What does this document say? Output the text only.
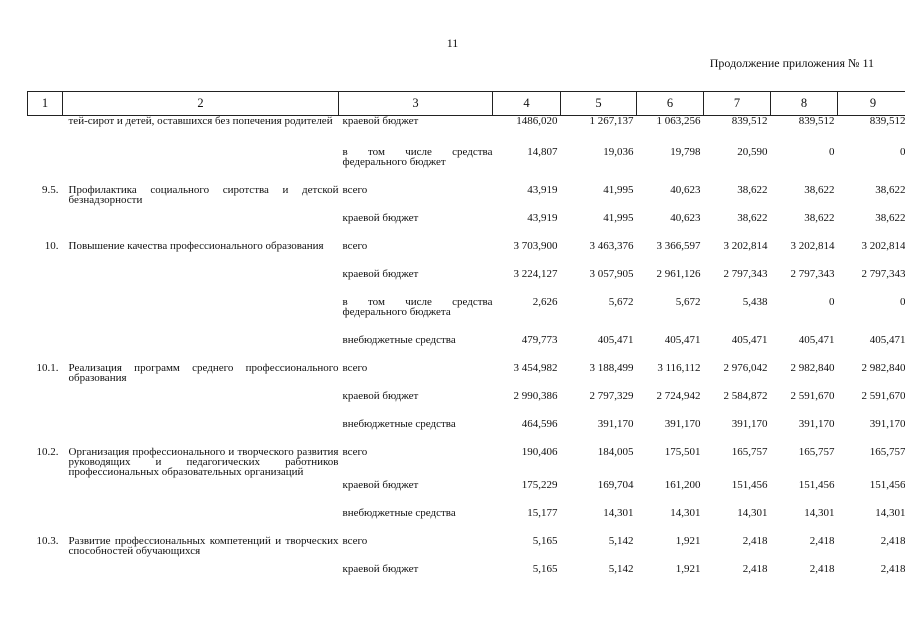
11
Продолжение приложения № 11
1	2	3	4	5	6	7	8	9
	тей-сирот и детей, оставшихся без попечения родителей	краевой бюджет	1486,020	1 267,137	1 063,256	839,512	839,512	839,512
		в том числе средства федерального бюджет	14,807	19,036	19,798	20,590	0	0
9.5.	Профилактика социального сиротства и детской безнадзорности	всего	43,919	41,995	40,623	38,622	38,622	38,622
		краевой бюджет	43,919	41,995	40,623	38,622	38,622	38,622
10.	Повышение качества профессионального образования	всего	3 703,900	3 463,376	3 366,597	3 202,814	3 202,814	3 202,814
		краевой бюджет	3 224,127	3 057,905	2 961,126	2 797,343	2 797,343	2 797,343
		в том числе средства федерального бюджета	2,626	5,672	5,672	5,438	0	0
		внебюджетные средства	479,773	405,471	405,471	405,471	405,471	405,471
10.1.	Реализация программ среднего профессионального образования	всего	3 454,982	3 188,499	3 116,112	2 976,042	2 982,840	2 982,840
		краевой бюджет	2 990,386	2 797,329	2 724,942	2 584,872	2 591,670	2 591,670
		внебюджетные средства	464,596	391,170	391,170	391,170	391,170	391,170
10.2.	Организация профессионального и творческого развития руководящих и педагогических работников профессиональных образовательных организаций	всего	190,406	184,005	175,501	165,757	165,757	165,757
		краевой бюджет	175,229	169,704	161,200	151,456	151,456	151,456
		внебюджетные средства	15,177	14,301	14,301	14,301	14,301	14,301
10.3.	Развитие профессиональных компетенций и творческих способностей обучающихся	всего	5,165	5,142	1,921	2,418	2,418	2,418
		краевой бюджет	5,165	5,142	1,921	2,418	2,418	2,418
